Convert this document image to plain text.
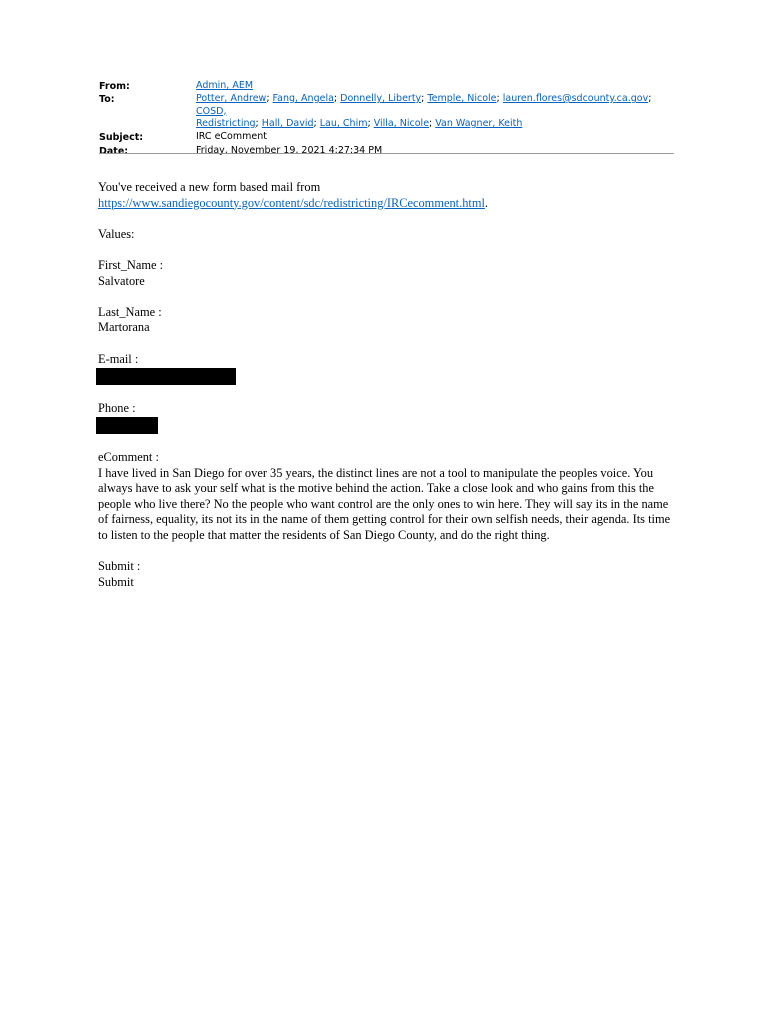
From:	Admin, AEM
To:	Potter, Andrew; Fang, Angela; Donnelly, Liberty; Temple, Nicole; lauren.flores@sdcounty.ca.gov; COSD,
Redistricting; Hall, David; Lau, Chim; Villa, Nicole; Van Wagner, Keith
Subject:	IRC eComment
Date:	Friday, November 19, 2021 4:27:34 PM

You've received a new form based mail from

https://www.sandiegocounty.gov/content/sdc/redistricting/IRCecomment.html.

Values:

First_Name :

Salvatore

Last_Name :

Martorana

E-mail :

Phone :

eComment :

I have lived in San Diego for over 35 years, the distinct lines are not a tool to manipulate the peoples voice. You

always have to ask your self what is the motive behind the action. Take a close look and who gains from this the

people who live there? No the people who want control are the only ones to win here. They will say its in the name

of fairness, equality, its not its in the name of them getting control for their own selfish needs, their agenda. Its time

to listen to the people that matter the residents of San Diego County, and do the right thing.

Submit :

Submit
